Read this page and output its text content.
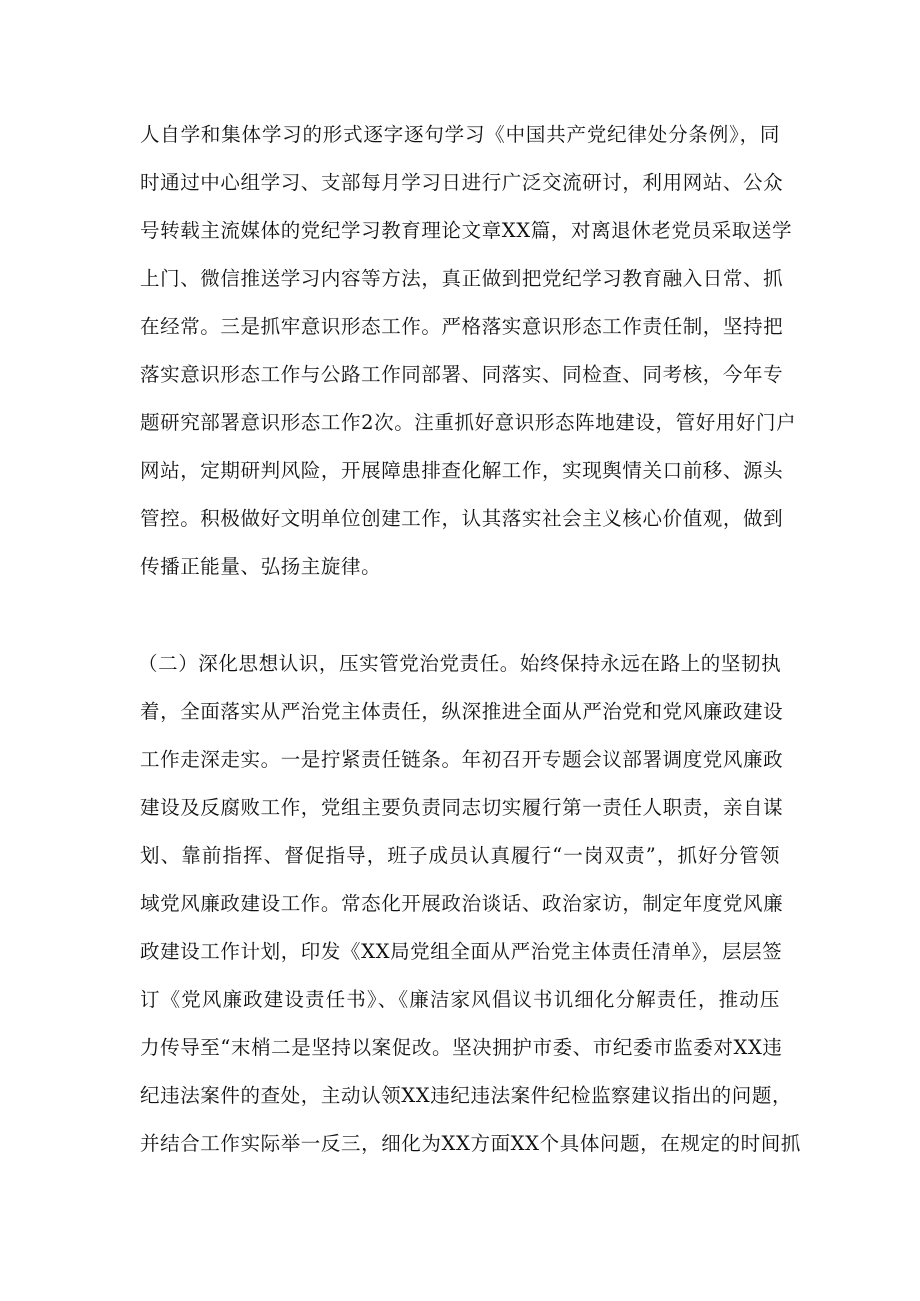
人自学和集体学习的形式逐字逐句学习《中国共产党纪律处分条例》，同
时通过中心组学习、支部每月学习日进行广泛交流研讨，利用网站、公众
号转载主流媒体的党纪学习教育理论文章XX篇，对离退休老党员采取送学
上门、微信推送学习内容等方法，真正做到把党纪学习教育融入日常、抓
在经常。三是抓牢意识形态工作。严格落实意识形态工作责任制，坚持把
落实意识形态工作与公路工作同部署、同落实、同检查、同考核，今年专
题研究部署意识形态工作2次。注重抓好意识形态阵地建设，管好用好门户
网站，定期研判风险，开展障患排查化解工作，实现舆情关口前移、源头
管控。积极做好文明单位创建工作，认其落实社会主义核心价值观，做到
传播正能量、弘扬主旋律。
（二）深化思想认识，压实管党治党责任。始终保持永远在路上的坚韧执
着，全面落实从严治党主体责任，纵深推进全面从严治党和党风廉政建设
工作走深走实。一是拧紧责任链条。年初召开专题会议部署调度党风廉政
建设及反腐败工作，党组主要负责同志切实履行第一责任人职责，亲自谋
划、靠前指挥、督促指导，班子成员认真履行“一岗双责”，抓好分管领
域党风廉政建设工作。常态化开展政治谈话、政治家访，制定年度党风廉
政建设工作计划，印发《XX局党组全面从严治党主体责任清单》，层层签
订《党风廉政建设责任书》、《廉洁家风倡议书讥细化分解责任，推动压
力传导至“末梢二是坚持以案促改。坚决拥护市委、市纪委市监委对XX违
纪违法案件的查处，主动认领XX违纪违法案件纪检监察建议指出的问题，
并结合工作实际举一反三，细化为XX方面XX个具体问题，在规定的时间抓
